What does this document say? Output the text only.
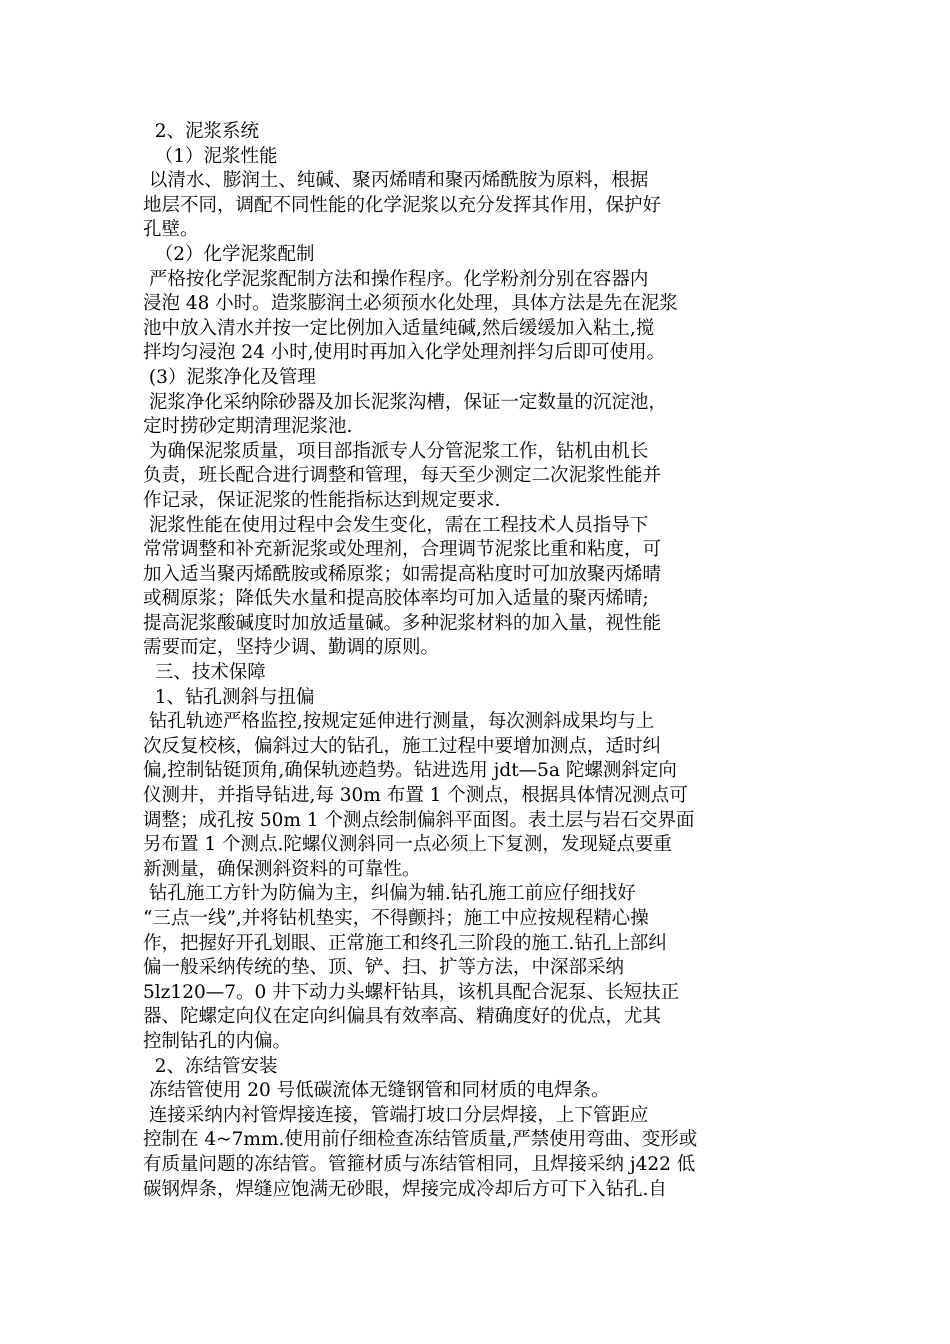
2、泥浆系统
（1）泥浆性能
以清水、膨润土、纯碱、聚丙烯晴和聚丙烯酰胺为原料，根据
地层不同，调配不同性能的化学泥浆以充分发挥其作用，保护好
孔壁。
（2）化学泥浆配制
严格按化学泥浆配制方法和操作程序。化学粉剂分别在容器内
浸泡 48 小时。造浆膨润土必须预水化处理，具体方法是先在泥浆
池中放入清水并按一定比例加入适量纯碱,然后缓缓加入粘土,搅
拌均匀浸泡 24 小时,使用时再加入化学处理剂拌匀后即可使用。
(3）泥浆净化及管理
泥浆净化采纳除砂器及加长泥浆沟槽，保证一定数量的沉淀池，
定时捞砂定期清理泥浆池.
为确保泥浆质量，项目部指派专人分管泥浆工作，钻机由机长
负责，班长配合进行调整和管理，每天至少测定二次泥浆性能并
作记录，保证泥浆的性能指标达到规定要求.
泥浆性能在使用过程中会发生变化，需在工程技术人员指导下
常常调整和补充新泥浆或处理剂，合理调节泥浆比重和粘度，可
加入适当聚丙烯酰胺或稀原浆；如需提高粘度时可加放聚丙烯晴
或稠原浆；降低失水量和提高胶体率均可加入适量的聚丙烯晴;
提高泥浆酸碱度时加放适量碱。多种泥浆材料的加入量，视性能
需要而定，坚持少调、勤调的原则。
三、技术保障
1、钻孔测斜与扭偏
钻孔轨迹严格监控,按规定延伸进行测量，每次测斜成果均与上
次反复校核，偏斜过大的钻孔，施工过程中要增加测点，适时纠
偏,控制钻铤顶角,确保轨迹趋势。钻进选用 jdt—5a 陀螺测斜定向
仪测井，并指导钻进,每 30m 布置 1 个测点，根据具体情况测点可
调整；成孔按 50m 1 个测点绘制偏斜平面图。表土层与岩石交界面
另布置 1 个测点.陀螺仪测斜同一点必须上下复测，发现疑点要重
新测量，确保测斜资料的可靠性。
钻孔施工方针为防偏为主，纠偏为辅.钻孔施工前应仔细找好
“三点一线”,并将钻机垫实，不得颤抖；施工中应按规程精心操
作，把握好开孔划眼、正常施工和终孔三阶段的施工.钻孔上部纠
偏一般采纳传统的垫、顶、铲、扫、扩等方法，中深部采纳
5lz120—7。0 井下动力头螺杆钻具，该机具配合泥泵、长短扶正
器、陀螺定向仪在定向纠偏具有效率高、精确度好的优点，尤其
控制钻孔的内偏。
2、冻结管安装
冻结管使用 20 号低碳流体无缝钢管和同材质的电焊条。
连接采纳内衬管焊接连接，管端打坡口分层焊接，上下管距应
控制在 4~7mm.使用前仔细检查冻结管质量,严禁使用弯曲、变形或
有质量问题的冻结管。管箍材质与冻结管相同，且焊接采纳 j422 低
碳钢焊条，焊缝应饱满无砂眼，焊接完成冷却后方可下入钻孔.自
